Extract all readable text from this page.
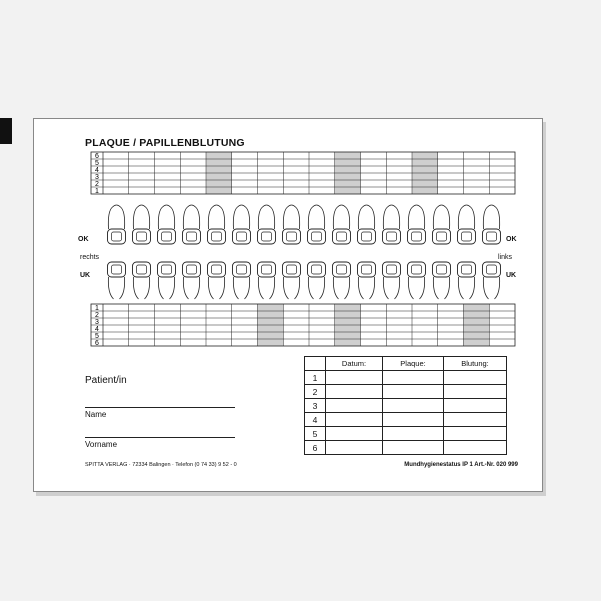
PLAQUE / PAPILLENBLUTUNG
6
5
4
3
2
1
1
2
3
4
5
6
OK	OK
rechts	links
UK	UK
Patient/in
Name
Vorname
	Datum:	Plaque:	Blutung:
1			
2			
3			
4			
5			
6			
SPITTA VERLAG · 72334 Balingen · Telefon (0 74 33) 9 52 - 0	Mundhygienestatus IP 1 Art.-Nr. 020 999
